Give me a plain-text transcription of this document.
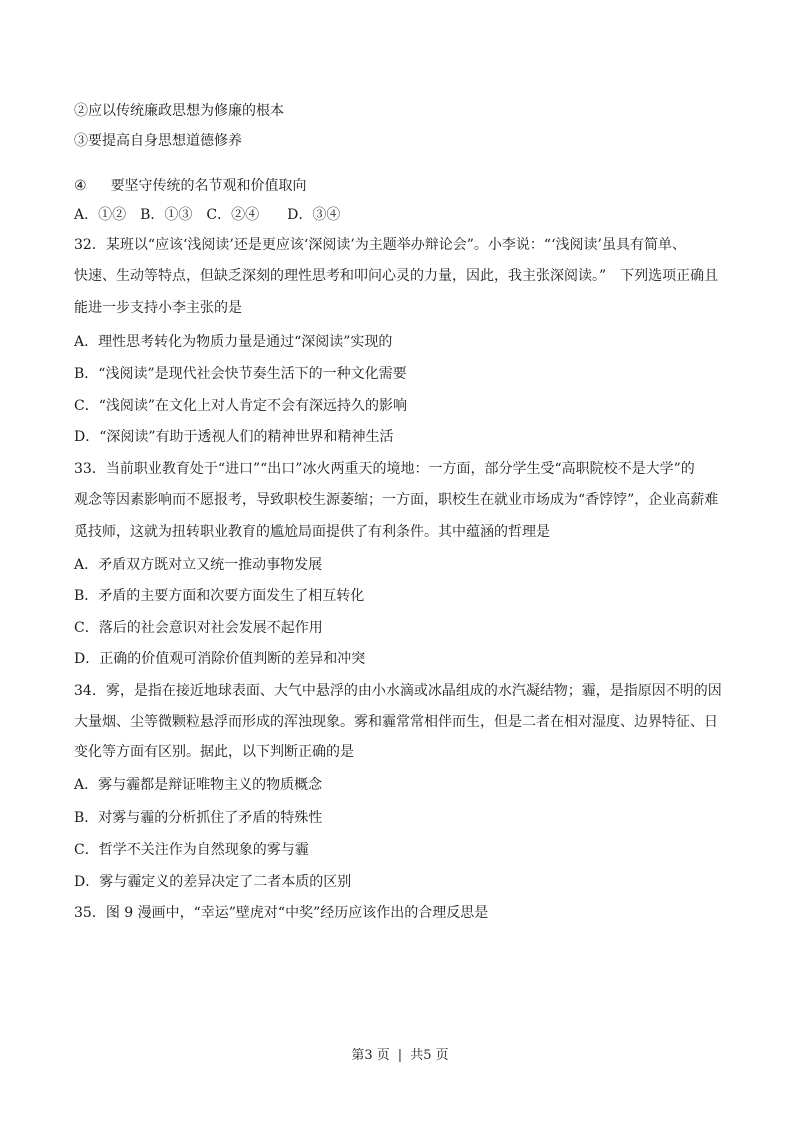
②应以传统廉政思想为修廉的根本
③要提高自身思想道德修养
④ 要坚守传统的名节观和价值取向
A．①②　B．①③　C．②④　　D．③④
32．某班以“应该‘浅阅读’还是更应该‘深阅读’为主题举办辩论会”。小李说：“‘浅阅读’虽具有简单、
快速、生动等特点，但缺乏深刻的理性思考和叩问心灵的力量，因此，我主张深阅读。”　下列选项正确且
能进一步支持小李主张的是
A．理性思考转化为物质力量是通过“深阅读”实现的
B．“浅阅读”是现代社会快节奏生活下的一种文化需要
C．“浅阅读”在文化上对人肯定不会有深远持久的影响
D．“深阅读”有助于透视人们的精神世界和精神生活
33．当前职业教育处于“进口”“出口”冰火两重天的境地：一方面，部分学生受“高职院校不是大学”的
观念等因素影响而不愿报考，导致职校生源萎缩；一方面，职校生在就业市场成为“香饽饽”，企业高薪难
觅技师，这就为扭转职业教育的尴尬局面提供了有利条件。其中蕴涵的哲理是
A．矛盾双方既对立又统一推动事物发展
B．矛盾的主要方面和次要方面发生了相互转化
C．落后的社会意识对社会发展不起作用
D．正确的价值观可消除价值判断的差异和冲突
34．雾，是指在接近地球表面、大气中悬浮的由小水滴或冰晶组成的水汽凝结物；霾，是指原因不明的因
大量烟、尘等微颗粒悬浮而形成的浑浊现象。雾和霾常常相伴而生，但是二者在相对湿度、边界特征、日
变化等方面有区别。据此，以下判断正确的是
A．雾与霾都是辩证唯物主义的物质概念
B．对雾与霾的分析抓住了矛盾的特殊性
C．哲学不关注作为自然现象的雾与霾
D．雾与霾定义的差异决定了二者本质的区别
35．图 9 漫画中，“幸运”壁虎对“中奖”经历应该作出的合理反思是
第3 页 | 共5 页
